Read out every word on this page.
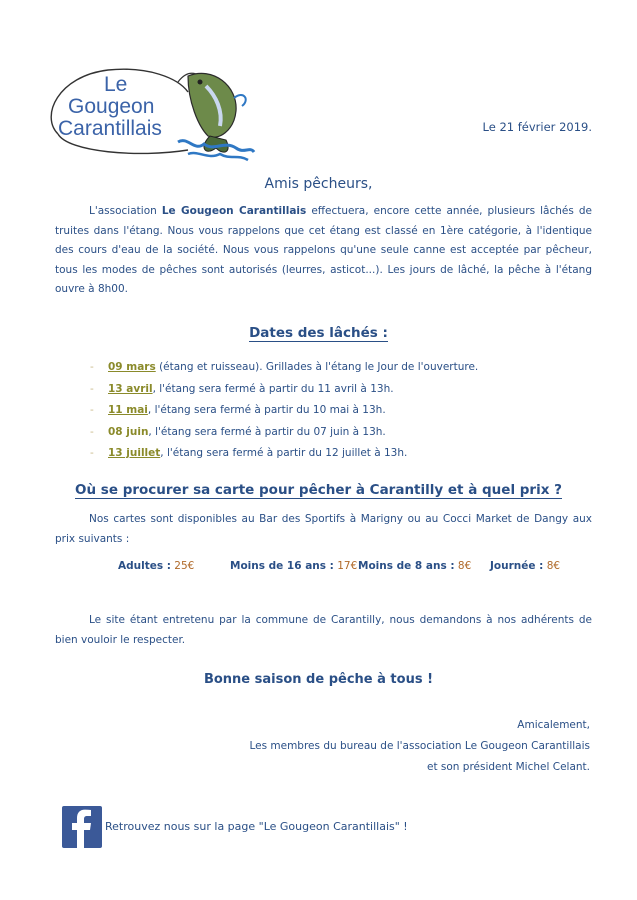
Le
Gougeon
Carantillais	Le 21 février 2019.
Amis pêcheurs,
L'association Le Gougeon Carantillais effectuera, encore cette année, plusieurs lâchés de truites dans l'étang. Nous vous rappelons que cet étang est classé en 1ère catégorie, à l'identique des cours d'eau de la société. Nous vous rappelons qu'une seule canne est acceptée par pêcheur, tous les modes de pêches sont autorisés (leurres, asticot...). Les jours de lâché, la pêche à l'étang ouvre à 8h00.
Dates des lâchés :
- 09 mars (étang et ruisseau). Grillades à l'étang le Jour de l'ouverture.
- 13 avril, l'étang sera fermé à partir du 11 avril à 13h.
- 11 mai, l'étang sera fermé à partir du 10 mai à 13h.
- 08 juin, l'étang sera fermé à partir du 07 juin à 13h.
- 13 juillet, l'étang sera fermé à partir du 12 juillet à 13h.
Où se procurer sa carte pour pêcher à Carantilly et à quel prix ?
Nos cartes sont disponibles au Bar des Sportifs à Marigny ou au Cocci Market de Dangy aux prix suivants :
Adultes : 25€	Moins de 16 ans : 17€ Moins de 8 ans : 8€ Journée : 8€
Le site étant entretenu par la commune de Carantilly, nous demandons à nos adhérents de bien vouloir le respecter.
Bonne saison de pêche à tous !
Amicalement,
Les membres du bureau de l'association Le Gougeon Carantillais
et son président Michel Celant.
Retrouvez nous sur la page "Le Gougeon Carantillais" !
